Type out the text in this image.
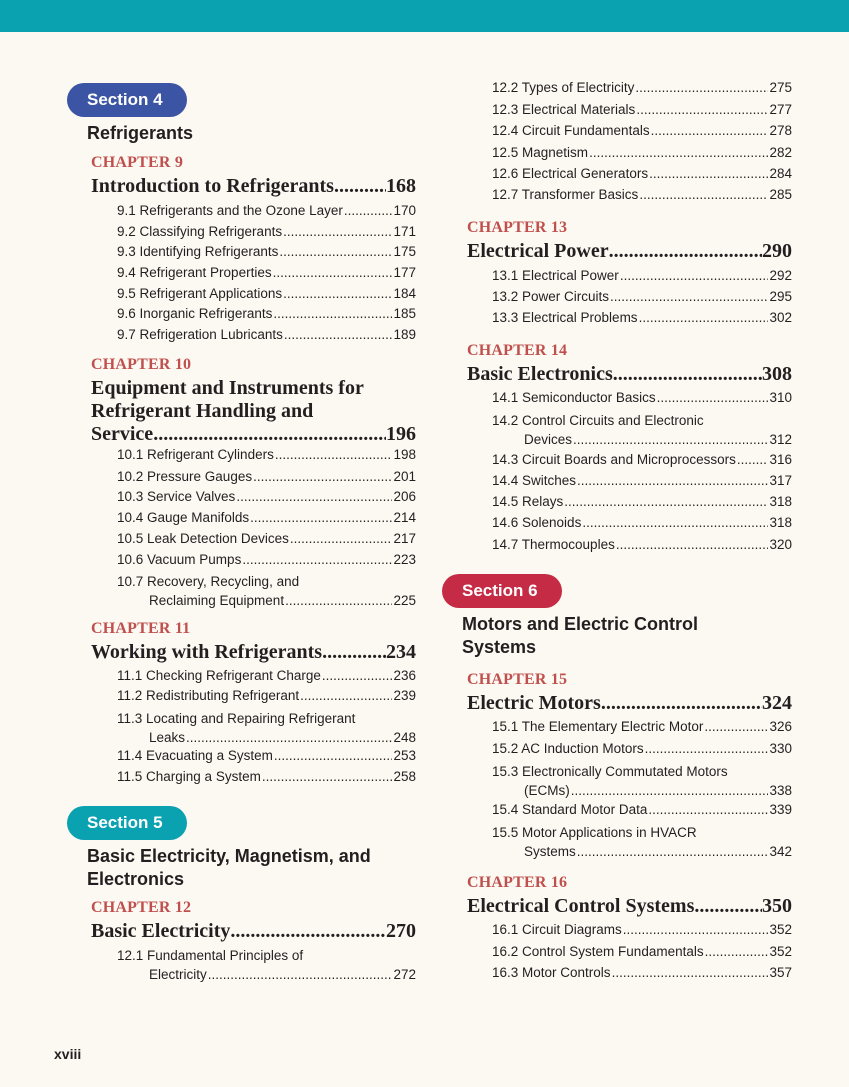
Section 4
Refrigerants
CHAPTER 9
Introduction to Refrigerants .....	168
9.1 Refrigerants and the Ozone Layer .....	170
9.2 Classifying Refrigerants .....	171
9.3 Identifying Refrigerants .....	175
9.4 Refrigerant Properties .....	177
9.5 Refrigerant Applications .....	184
9.6 Inorganic Refrigerants .....	185
9.7 Refrigeration Lubricants .....	189
CHAPTER 10
Equipment and Instruments for
Refrigerant Handling and
Service .....	196
10.1 Refrigerant Cylinders .....	198
10.2 Pressure Gauges .....	201
10.3 Service Valves .....	206
10.4 Gauge Manifolds .....	214
10.5 Leak Detection Devices .....	217
10.6 Vacuum Pumps .....	223
10.7 Recovery, Recycling, and
Reclaiming Equipment .....	225
CHAPTER 11
Working with Refrigerants .....	234
11.1 Checking Refrigerant Charge .....	236
11.2 Redistributing Refrigerant .....	239
11.3 Locating and Repairing Refrigerant
Leaks .....	248
11.4 Evacuating a System .....	253
11.5 Charging a System .....	258
Section 5
Basic Electricity, Magnetism, and
Electronics
CHAPTER 12
Basic Electricity .....	270
12.1 Fundamental Principles of
Electricity .....	272
12.2 Types of Electricity .....	275
12.3 Electrical Materials .....	277
12.4 Circuit Fundamentals .....	278
12.5 Magnetism .....	282
12.6 Electrical Generators .....	284
12.7 Transformer Basics .....	285
CHAPTER 13
Electrical Power .....	290
13.1 Electrical Power .....	292
13.2 Power Circuits .....	295
13.3 Electrical Problems .....	302
CHAPTER 14
Basic Electronics .....	308
14.1 Semiconductor Basics .....	310
14.2 Control Circuits and Electronic
Devices .....	312
14.3 Circuit Boards and Microprocessors ..... 316
14.4 Switches .....	317
14.5 Relays .....	318
14.6 Solenoids .....	318
14.7 Thermocouples .....	320
Section 6
Motors and Electric Control
Systems
CHAPTER 15
Electric Motors .....	324
15.1 The Elementary Electric Motor .....	326
15.2 AC Induction Motors .....	330
15.3 Electronically Commutated Motors
(ECMs) .....	338
15.4 Standard Motor Data .....	339
15.5 Motor Applications in HVACR
Systems .....	342
CHAPTER 16
Electrical Control Systems .....	350
16.1 Circuit Diagrams .....	352
16.2 Control System Fundamentals .....	352
16.3 Motor Controls .....	357
xviii
